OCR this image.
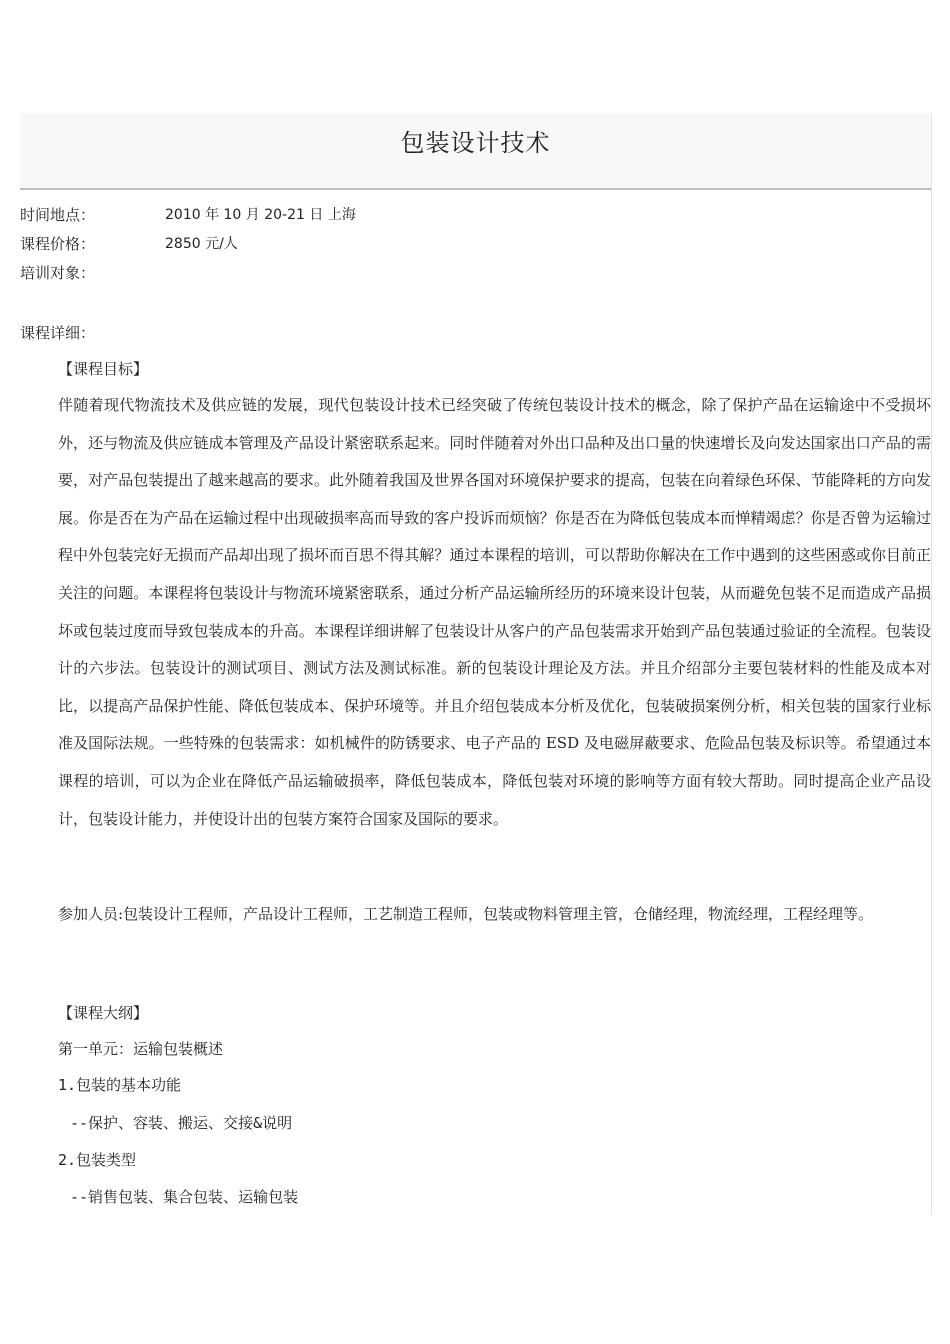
包装设计技术
时间地点：	2010 年 10 月 20-21 日 上海
课程价格：	2850 元/人
培训对象：
课程详细：
【课程目标】

伴随着现代物流技术及供应链的发展，现代包装设计技术已经突破了传统包装设计技术的概念，除了保护产品在运输途中不受损坏外，还与物流及供应链成本管理及产品设计紧密联系起来。同时伴随着对外出口品种及出口量的快速增长及向发达国家出口产品的需要，对产品包装提出了越来越高的要求。此外随着我国及世界各国对环境保护要求的提高，包装在向着绿色环保、节能降耗的方向发展。你是否在为产品在运输过程中出现破损率高而导致的客户投诉而烦恼？你是否在为降低包装成本而惮精竭虑？你是否曾为运输过程中外包装完好无损而产品却出现了损坏而百思不得其解？通过本课程的培训，可以帮助你解决在工作中遇到的这些困惑或你目前正关注的问题。本课程将包装设计与物流环境紧密联系，通过分析产品运输所经历的环境来设计包装，从而避免包装不足而造成产品损坏或包装过度而导致包装成本的升高。本课程详细讲解了包装设计从客户的产品包装需求开始到产品包装通过验证的全流程。包装设计的六步法。包装设计的测试项目、测试方法及测试标准。新的包装设计理论及方法。并且介绍部分主要包装材料的性能及成本对比，以提高产品保护性能、降低包装成本、保护环境等。并且介绍包装成本分析及优化，包装破损案例分析，相关包装的国家行业标准及国际法规。一些特殊的包装需求：如机械件的防锈要求、电子产品的 ESD 及电磁屏蔽要求、危险品包装及标识等。希望通过本课程的培训，可以为企业在降低产品运输破损率，降低包装成本，降低包装对环境的影响等方面有较大帮助。同时提高企业产品设计，包装设计能力，并使设计出的包装方案符合国家及国际的要求。

参加人员:包装设计工程师，产品设计工程师，工艺制造工程师，包装或物料管理主管，仓储经理，物流经理，工程经理等。

【课程大纲】
第一单元：运输包装概述
1.包装的基本功能
--保护、容装、搬运、交接&说明
2.包装类型
--销售包装、集合包装、运输包装
